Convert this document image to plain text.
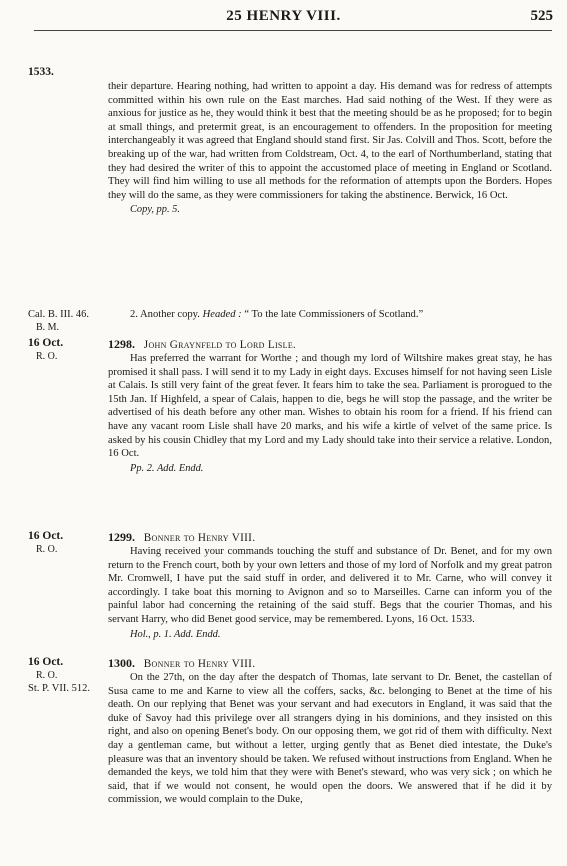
25 HENRY VIII.	525
1533.

their departure. Hearing nothing, had written to appoint a day. His demand was for redress of attempts committed within his own rule on the East marches. Had said nothing of the West. If they were as anxious for justice as he, they would think it best that the meeting should be as he proposed; for to begin at small things, and pretermit great, is an encouragement to offenders. In the proposition for meeting interchangeably it was agreed that England should stand first. Sir Jas. Colvill and Thos. Scott, before the breaking up of the war, had written from Coldstream, Oct. 4, to the earl of Northumberland, stating that they had desired the writer of this to appoint the accustomed place of meeting in England or Scotland. They will find him willing to use all methods for the reformation of attempts upon the Borders. Hopes they will do the same, as they were commissioners for taking the abstinence. Berwick, 16 Oct.

Copy, pp. 5.
Cal. B. III. 46.
B. M.
2. Another copy. Headed : “ To the late Commissioners of Scotland.”
16 Oct.
R. O.
1298. John Graynfeld to Lord Lisle.

Has preferred the warrant for Worthe ; and though my lord of Wiltshire makes great stay, he has promised it shall pass. I will send it to my Lady in eight days. Excuses himself for not having seen Lisle at Calais. Is still very faint of the great fever. It fears him to take the sea. Parliament is prorogued to the 15th Jan. If Highfeld, a spear of Calais, happen to die, begs he will stop the passage, and the writer be advertised of his death before any other man. Wishes to obtain his room for a friend. If his friend can have any vacant room Lisle shall have 20 marks, and his wife a kirtle of velvet of the same price. Is asked by his cousin Chidley that my Lord and my Lady should take into their service a relative. London, 16 Oct.

Pp. 2. Add. Endd.
16 Oct.
R. O.
1299. Bonner to Henry VIII.

Having received your commands touching the stuff and substance of Dr. Benet, and for my own return to the French court, both by your own letters and those of my lord of Norfolk and my great patron Mr. Cromwell, I have put the said stuff in order, and delivered it to Mr. Carne, who will convey it accordingly. I take boat this morning to Avignon and so to Marseilles. Carne can inform you of the painful labor had concerning the retaining of the said stuff. Begs that the courier Thomas, and his servant Harry, who did Benet good service, may be remembered. Lyons, 16 Oct. 1533.

Hol., p. 1. Add. Endd.
16 Oct.
R. O.
St. P. VII. 512.
1300. Bonner to Henry VIII.

On the 27th, on the day after the despatch of Thomas, late servant to Dr. Benet, the castellan of Susa came to me and Karne to view all the coffers, sacks, &c. belonging to Benet at the time of his death. On our replying that Benet was your servant and had executors in England, it was said that the duke of Savoy had this privilege over all strangers dying in his dominions, and they insisted on this right, and also on opening Benet's body. On our opposing them, we got rid of them with difficulty. Next day a gentleman came, but without a letter, urging gently that as Benet died intestate, the Duke's pleasure was that an inventory should be taken. We refused without instructions from England. When he demanded the keys, we told him that they were with Benet's steward, who was very sick ; on which he said, that if we would not consent, he would open the doors. We answered that if he did it by commission, we would complain to the Duke,
